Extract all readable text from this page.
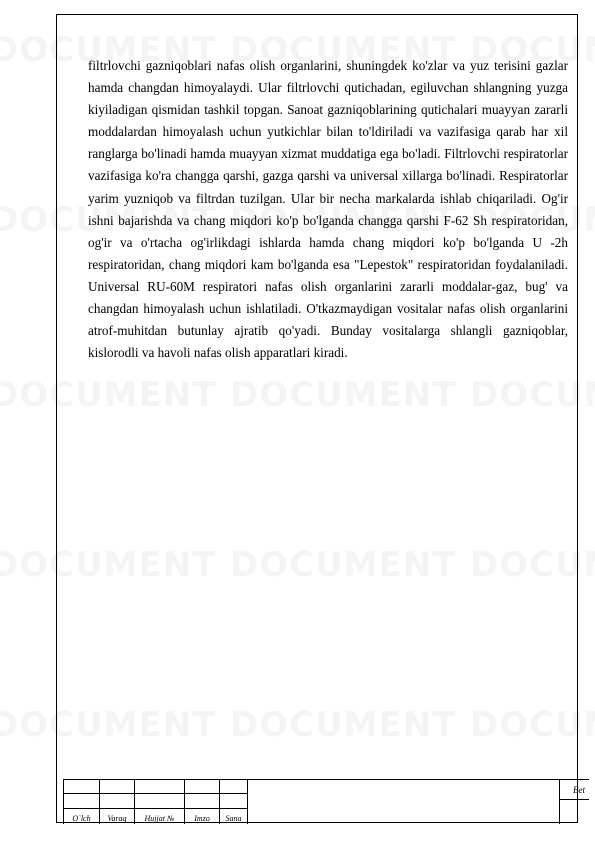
filtrlovchi gazniqoblari nafas olish organlarini, shuningdek ko'zlar va yuz terisini gazlar hamda changdan himoyalaydi. Ular filtrlovchi qutichadan, egiluvchan shlangning yuzga kiyiladigan qismidan tashkil topgan. Sanoat gazniqoblarining qutichalari muayyan zararli moddalardan himoyalash uchun yutkichlar bilan to'ldiriladi va vazifasiga qarab har xil ranglarga bo'linadi hamda muayyan xizmat muddatiga ega bo'ladi. Filtrlovchi respiratorlar vazifasiga ko'ra changga qarshi, gazga qarshi va universal xillarga bo'linadi. Respiratorlar yarim yuzniqob va filtrdan tuzilgan. Ular bir necha markalarda ishlab chiqariladi. Og'ir ishni bajarishda va chang miqdori ko'p bo'lganda changga qarshi F-62 Sh respiratoridan, og'ir va o'rtacha og'irlikdagi ishlarda hamda chang miqdori ko'p bo'lganda U -2h respiratoridan, chang miqdori kam bo'lganda esa "Lepestok" respiratoridan foydalaniladi. Universal RU-60M respiratori nafas olish organlarini zararli moddalar-gaz, bug' va changdan himoyalash uchun ishlatiladi. O'tkazmaydigan vositalar nafas olish organlarini atrof-muhitdan butunlay ajratib qo'yadi. Bunday vositalarga shlangli gazniqoblar, kislorodli va havoli nafas olish apparatlari kiradi.

O`lch	Varaq	Hujjat №	Imzo	Sana
Bet
